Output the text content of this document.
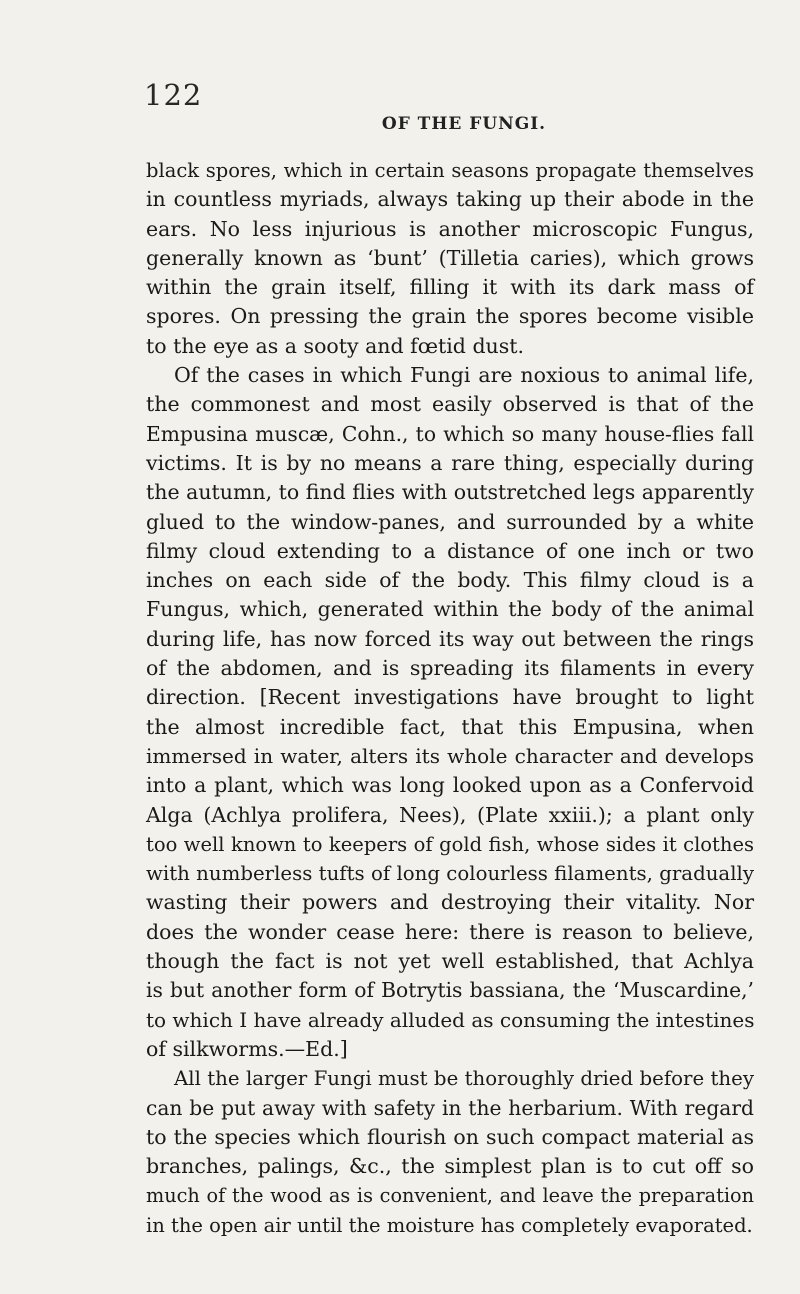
122
OF THE FUNGI.
black spores, which in certain seasons propagate themselves
in countless myriads, always taking up their abode in the
ears. No less injurious is another microscopic Fungus,
generally known as ‘bunt’ (Tilletia caries), which grows
within the grain itself, filling it with its dark mass of
spores. On pressing the grain the spores become visible
to the eye as a sooty and fœtid dust.
Of the cases in which Fungi are noxious to animal life,
the commonest and most easily observed is that of the
Empusina muscæ, Cohn., to which so many house-flies fall
victims. It is by no means a rare thing, especially during
the autumn, to find flies with outstretched legs apparently
glued to the window-panes, and surrounded by a white
filmy cloud extending to a distance of one inch or two
inches on each side of the body. This filmy cloud is a
Fungus, which, generated within the body of the animal
during life, has now forced its way out between the rings
of the abdomen, and is spreading its filaments in every
direction. [Recent investigations have brought to light
the almost incredible fact, that this Empusina, when
immersed in water, alters its whole character and develops
into a plant, which was long looked upon as a Confervoid
Alga (Achlya prolifera, Nees), (Plate xxiii.); a plant only
too well known to keepers of gold fish, whose sides it clothes
with numberless tufts of long colourless filaments, gradually
wasting their powers and destroying their vitality. Nor
does the wonder cease here: there is reason to believe,
though the fact is not yet well established, that Achlya
is but another form of Botrytis bassiana, the ‘Muscardine,’
to which I have already alluded as consuming the intestines
of silkworms.—Ed.]
All the larger Fungi must be thoroughly dried before they
can be put away with safety in the herbarium. With regard
to the species which flourish on such compact material as
branches, palings, &c., the simplest plan is to cut off so
much of the wood as is convenient, and leave the preparation
in the open air until the moisture has completely evaporated.
